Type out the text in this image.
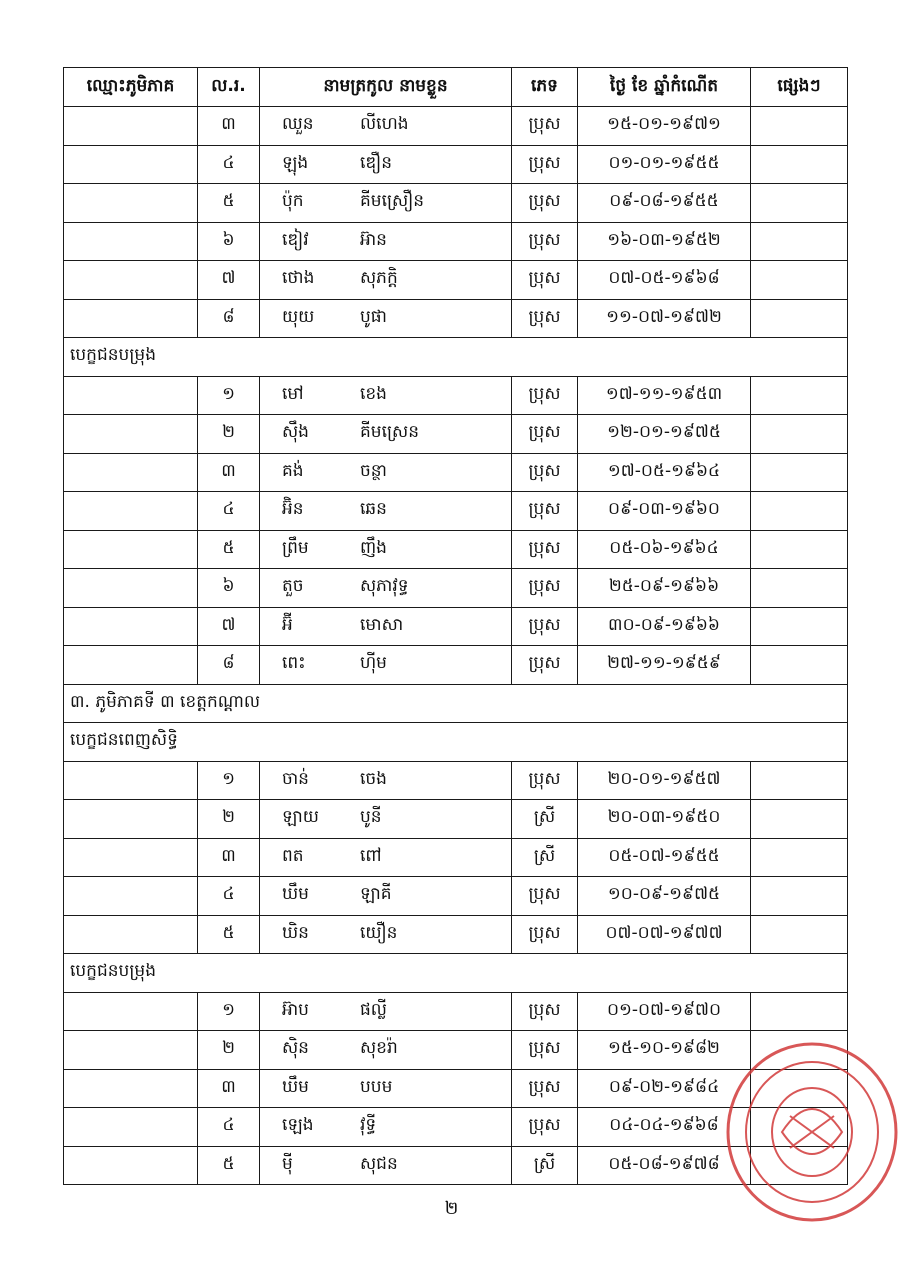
ឈ្មោះភូមិភាគ	ល.រ.	នាមត្រកូល នាមខ្លួន	ភេទ	ថ្ងៃ ខែ ឆ្នាំកំណើត	ផ្សេងៗ
	៣	ឈួន លីហេង	ប្រុស	១៥-០១-១៩៧១	
	៤	ឡុង ឌឿន	ប្រុស	០១-០១-១៩៥៥	
	៥	ប៉ុក គីមស្រឿន	ប្រុស	០៩-០៨-១៩៥៥	
	៦	ឌៀវ អ៊ាន	ប្រុស	១៦-០៣-១៩៥២	
	៧	ថោង សុភក្តិ	ប្រុស	០៧-០៥-១៩៦៨	
	៨	យុយ បូផា	ប្រុស	១១-០៧-១៩៧២	
បេក្ខជនបម្រុង					
	១	មៅ ខេង	ប្រុស	១៧-១១-១៩៥៣	
	២	ស៊ឹង គីមស្រេន	ប្រុស	១២-០១-១៩៧៥	
	៣	គង់ ចន្ថា	ប្រុស	១៧-០៥-១៩៦៤	
	៤	អ៊ិន ឆេន	ប្រុស	០៩-០៣-១៩៦០	
	៥	ព្រឹម ញឹង	ប្រុស	០៥-០៦-១៩៦៤	
	៦	តួច សុភាវុទ្ធ	ប្រុស	២៥-០៩-១៩៦៦	
	៧	អ៊ី មោសា	ប្រុស	៣០-០៩-១៩៦៦	
	៨	ពេះ ហ៊ីម	ប្រុស	២៧-១១-១៩៥៩	
៣. ភូមិភាគទី ៣ ខេត្តកណ្ដាល					
បេក្ខជនពេញសិទ្ធិ					
	១	ចាន់ ចេង	ប្រុស	២០-០១-១៩៥៧	
	២	ឡាយ បូនី	ស្រី	២០-០៣-១៩៥០	
	៣	ពត ពៅ	ស្រី	០៥-០៧-១៩៥៥	
	៤	ឃឹម ឡាគី	ប្រុស	១០-០៩-១៩៧៥	
	៥	ឃិន យឿន	ប្រុស	០៧-០៧-១៩៧៧	
បេក្ខជនបម្រុង					
	១	អ៊ាប ផល្លី	ប្រុស	០១-០៧-១៩៧០	
	២	ស៊ិន សុខរ៉ា	ប្រុស	១៥-១០-១៩៨២	
	៣	ឃឹម បបម	ប្រុស	០៩-០២-១៩៨៤	
	៤	ឡេង វុទ្ធី	ប្រុស	០៤-០៤-១៩៦៨	
	៥	ម៉ី សុជន	ស្រី	០៥-០៨-១៩៧៨	
២
